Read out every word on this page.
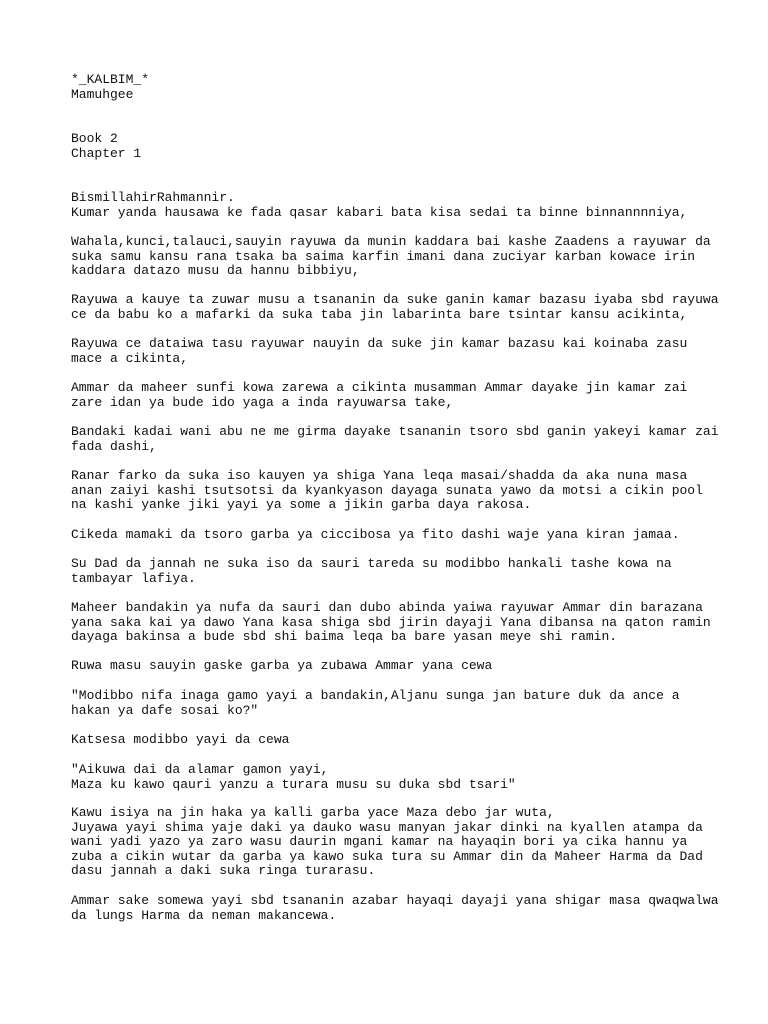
*_KALBIM_*
Mamuhgee
Book 2
Chapter 1
BismillahirRahmannir.
Kumar yanda hausawa ke fada qasar kabari bata kisa sedai ta binne binnannnniya,
Wahala,kunci,talauci,sauyin rayuwa da munin kaddara bai kashe Zaadens a rayuwar da
suka samu kansu rana tsaka ba saima karfin imani dana zuciyar karban kowace irin
kaddara datazo musu da hannu bibbiyu,
Rayuwa a kauye ta zuwar musu a tsananin da suke ganin kamar bazasu iyaba sbd rayuwa
ce da babu ko a mafarki da suka taba jin labarinta bare tsintar kansu acikinta,
Rayuwa ce dataiwa tasu rayuwar nauyin da suke jin kamar bazasu kai koinaba zasu
mace a cikinta,
Ammar da maheer sunfi kowa zarewa a cikinta musamman Ammar dayake jin kamar zai
zare idan ya bude ido yaga a inda rayuwarsa take,
Bandaki kadai wani abu ne me girma dayake tsananin tsoro sbd ganin yakeyi kamar zai
fada dashi,
Ranar farko da suka iso kauyen ya shiga Yana leqa masai/shadda da aka nuna masa
anan zaiyi kashi tsutsotsi da kyankyason dayaga sunata yawo da motsi a cikin pool
na kashi yanke jiki yayi ya some a jikin garba daya rakosa.
Cikeda mamaki da tsoro garba ya ciccibosa ya fito dashi waje yana kiran jamaa.
Su Dad da jannah ne suka iso da sauri tareda su modibbo hankali tashe kowa na
tambayar lafiya.
Maheer bandakin ya nufa da sauri dan dubo abinda yaiwa rayuwar Ammar din barazana
yana saka kai ya dawo Yana kasa shiga sbd jirin dayaji Yana dibansa na qaton ramin
dayaga bakinsa a bude sbd shi baima leqa ba bare yasan meye shi ramin.
Ruwa masu sauyin gaske garba ya zubawa Ammar yana cewa
"Modibbo nifa inaga gamo yayi a bandakin,Aljanu sunga jan bature duk da ance a
hakan ya dafe sosai ko?"
Katsesa modibbo yayi da cewa
"Aikuwa dai da alamar gamon yayi,
Maza ku kawo qauri yanzu a turara musu su duka sbd tsari"
Kawu isiya na jin haka ya kalli garba yace Maza debo jar wuta,
Juyawa yayi shima yaje daki ya dauko wasu manyan jakar dinki na kyallen atampa da
wani yadi yazo ya zaro wasu daurin mgani kamar na hayaqin bori ya cika hannu ya
zuba a cikin wutar da garba ya kawo suka tura su Ammar din da Maheer Harma da Dad
dasu jannah a daki suka ringa turarasu.
Ammar sake somewa yayi sbd tsananin azabar hayaqi dayaji yana shigar masa qwaqwalwa
da lungs Harma da neman makancewa.
